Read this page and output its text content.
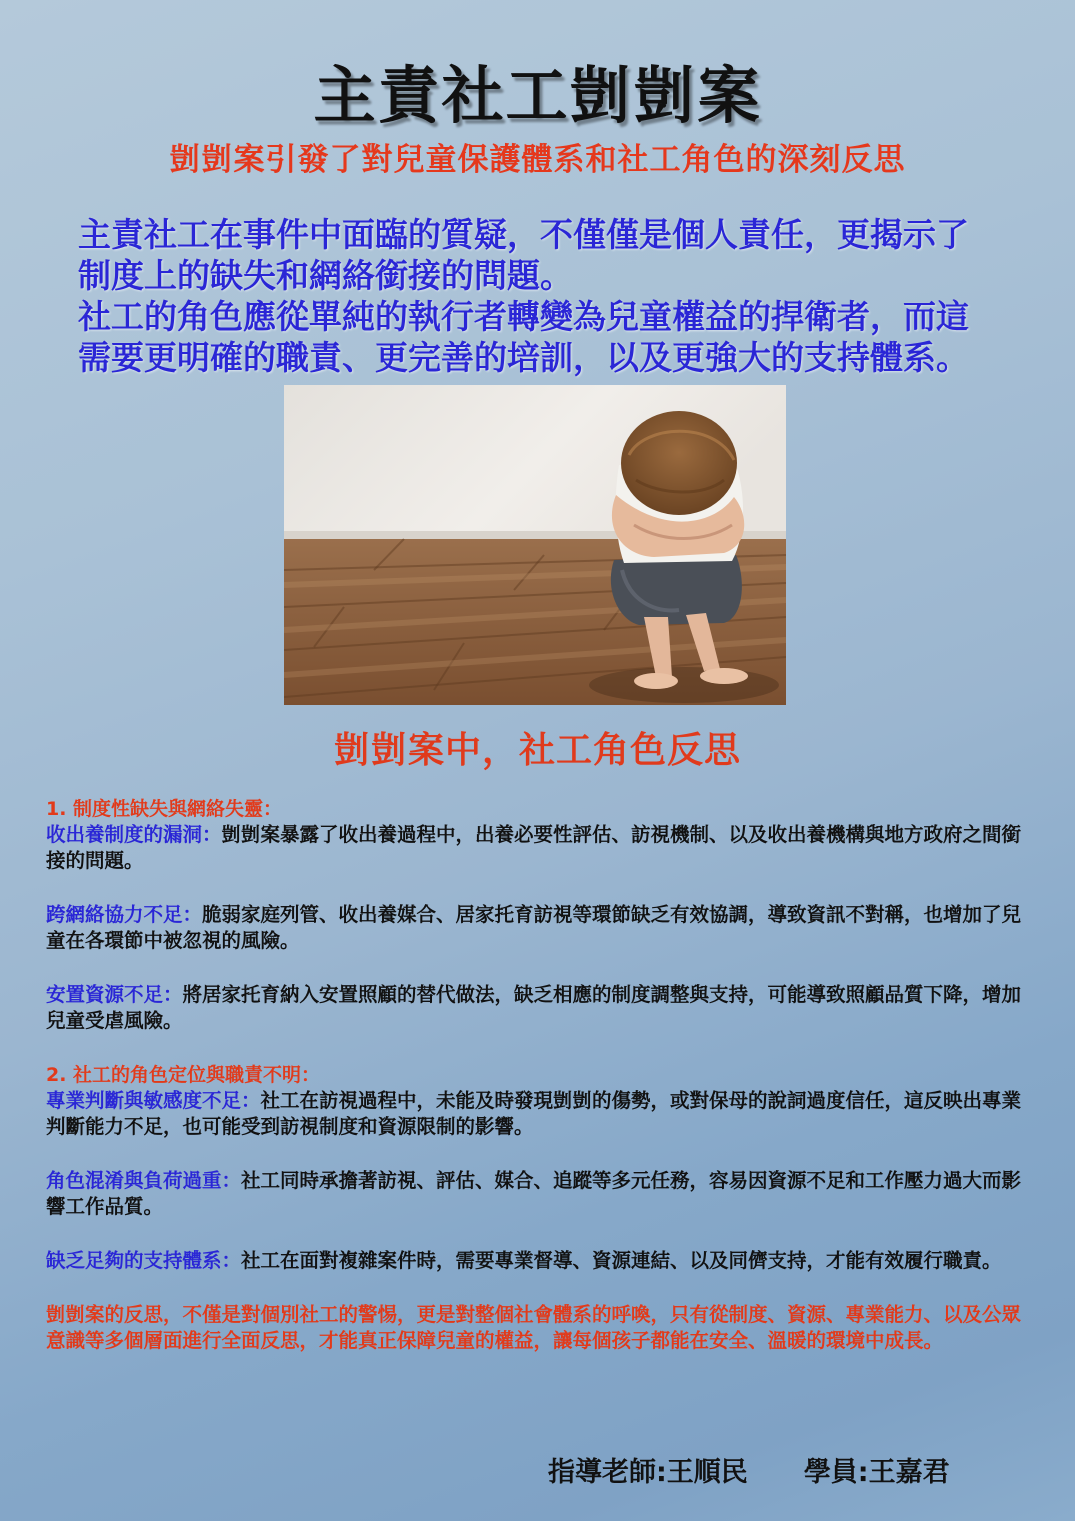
主責社工剴剴案
剴剴案引發了對兒童保護體系和社工角色的深刻反思

主責社工在事件中面臨的質疑，不僅僅是個人責任，更揭示了制度上的缺失和網絡銜接的問題。

社工的角色應從單純的執行者轉變為兒童權益的捍衛者，而這需要更明確的職責、更完善的培訓，以及更強大的支持體系。

剴剴案中，社工角色反思

1. 制度性缺失與網絡失靈：

收出養制度的漏洞：剴剴案暴露了收出養過程中，出養必要性評估、訪視機制、以及收出養機構與地方政府之間銜接的問題。

跨網絡協力不足：脆弱家庭列管、收出養媒合、居家托育訪視等環節缺乏有效協調，導致資訊不對稱，也增加了兒童在各環節中被忽視的風險。

安置資源不足：將居家托育納入安置照顧的替代做法，缺乏相應的制度調整與支持，可能導致照顧品質下降，增加兒童受虐風險。

2. 社工的角色定位與職責不明：

專業判斷與敏感度不足：社工在訪視過程中，未能及時發現剴剴的傷勢，或對保母的說詞過度信任，這反映出專業判斷能力不足，也可能受到訪視制度和資源限制的影響。

角色混淆與負荷過重：社工同時承擔著訪視、評估、媒合、追蹤等多元任務，容易因資源不足和工作壓力過大而影響工作品質。

缺乏足夠的支持體系：社工在面對複雜案件時，需要專業督導、資源連結、以及同儕支持，才能有效履行職責。

剴剴案的反思，不僅是對個別社工的警惕，更是對整個社會體系的呼喚，只有從制度、資源、專業能力、以及公眾意識等多個層面進行全面反思，才能真正保障兒童的權益，讓每個孩子都能在安全、溫暖的環境中成長。

指導老師:王順民 學員:王嘉君
